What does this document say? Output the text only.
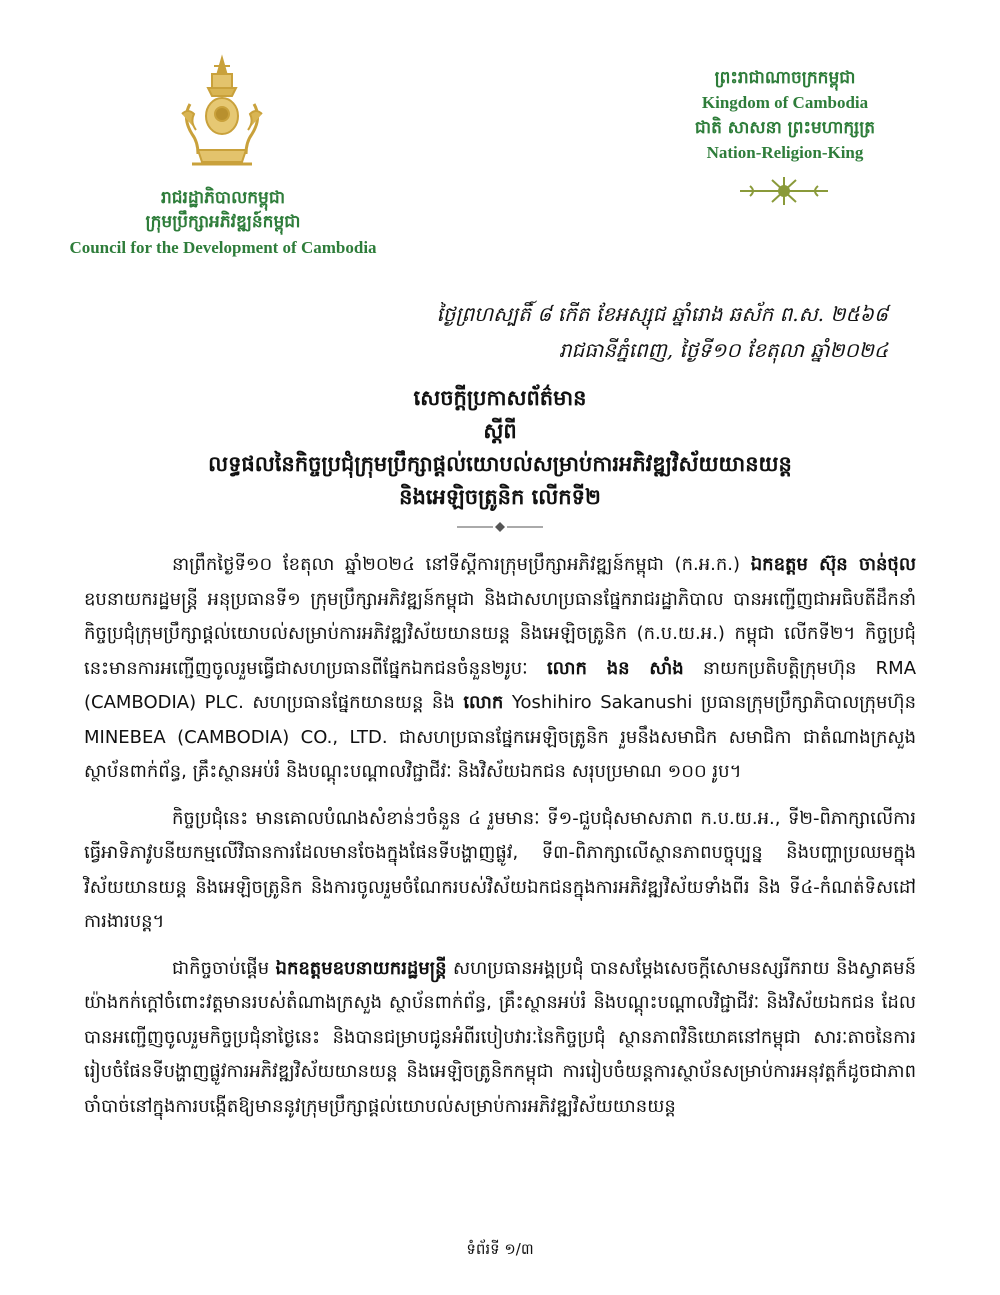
រាជរដ្ឋាភិបាលកម្ពុជា
ក្រុមប្រឹក្សាអភិវឌ្ឍន៍កម្ពុជា
Council for the Development of Cambodia
ព្រះរាជាណាចក្រកម្ពុជា
Kingdom of Cambodia
ជាតិ សាសនា ព្រះមហាក្សត្រ
Nation-Religion-King
ថ្ងៃព្រហស្បតិ៍ ៨ កើត ខែអស្សុជ ឆ្នាំរោង ឆស័ក ព.ស. ២៥៦៨
រាជធានីភ្នំពេញ, ថ្ងៃទី១០ ខែតុលា ឆ្នាំ២០២៤
សេចក្តីប្រកាសព័ត៌មាន
ស្តីពី
លទ្ធផលនៃកិច្ចប្រជុំក្រុមប្រឹក្សាផ្តល់យោបល់សម្រាប់ការអភិវឌ្ឍវិស័យយានយន្ត
និងអេឡិចត្រូនិក លើកទី២

នាព្រឹកថ្ងៃទី១០ ខែតុលា ឆ្នាំ២០២៤ នៅទីស្តីការក្រុមប្រឹក្សាអភិវឌ្ឍន៍កម្ពុជា (ក.អ.ក.) ឯកឧត្តម ស៊ុន ចាន់ថុល ឧបនាយករដ្ឋមន្ត្រី អនុប្រធានទី១ ក្រុមប្រឹក្សាអភិវឌ្ឍន៍កម្ពុជា និងជាសហប្រធានផ្នែករាជរដ្ឋាភិបាល បានអញ្ជើញជាអធិបតីដឹកនាំកិច្ចប្រជុំក្រុមប្រឹក្សាផ្តល់យោបល់សម្រាប់ការអភិវឌ្ឍវិស័យយានយន្ត និងអេឡិចត្រូនិក (ក.ប.យ.អ.) កម្ពុជា លើកទី២។ កិច្ចប្រជុំនេះមានការអញ្ជើញចូលរួមធ្វើជាសហប្រធានពីផ្នែកឯកជនចំនួន២រូបៈ លោក ងន សាំង នាយកប្រតិបត្តិក្រុមហ៊ុន RMA (CAMBODIA) PLC. សហប្រធានផ្នែកយានយន្ត និង លោក Yoshihiro Sakanushi ប្រធានក្រុមប្រឹក្សាភិបាលក្រុមហ៊ុន MINEBEA (CAMBODIA) CO., LTD. ជាសហប្រធានផ្នែកអេឡិចត្រូនិក រួមនឹងសមាជិក សមាជិកា ជាតំណាងក្រសួង ស្ថាប័នពាក់ព័ន្ធ, គ្រឹះស្ថានអប់រំ និងបណ្តុះបណ្តាលវិជ្ជាជីវៈ និងវិស័យឯកជន សរុបប្រមាណ ១០០ រូប។

កិច្ចប្រជុំនេះ មានគោលបំណងសំខាន់ៗចំនួន ៤ រួមមានៈ ទី១-ជួបជុំសមាសភាព ក.ប.យ.អ., ទី២-ពិភាក្សាលើការធ្វើអាទិភាវូបនីយកម្មលើវិធានការដែលមានចែងក្នុងផែនទីបង្ហាញផ្លូវ, ទី៣-ពិភាក្សាលើស្ថានភាពបច្ចុប្បន្ន និងបញ្ហាប្រឈមក្នុងវិស័យយានយន្ត និងអេឡិចត្រូនិក និងការចូលរួមចំណែករបស់វិស័យឯកជនក្នុងការអភិវឌ្ឍវិស័យទាំងពីរ និង ទី៤-កំណត់ទិសដៅការងារបន្ត។

ជាកិច្ចចាប់ផ្តើម ឯកឧត្តមឧបនាយករដ្ឋមន្ត្រី សហប្រធានអង្គប្រជុំ បានសម្តែងសេចក្តីសោមនស្សរីករាយ និងស្វាគមន៍យ៉ាងកក់ក្តៅចំពោះវត្តមានរបស់តំណាងក្រសួង ស្ថាប័នពាក់ព័ន្ធ, គ្រឹះស្ថានអប់រំ និងបណ្តុះបណ្តាលវិជ្ជាជីវៈ និងវិស័យឯកជន ដែលបានអញ្ជើញចូលរួមកិច្ចប្រជុំនាថ្ងៃនេះ និងបានជម្រាបជូនអំពីរបៀបវារៈនៃកិច្ចប្រជុំ ស្ថានភាពវិនិយោគនៅកម្ពុជា សារៈតាចនៃការរៀបចំផែនទីបង្ហាញផ្លូវការអភិវឌ្ឍវិស័យយានយន្ត និងអេឡិចត្រូនិកកម្ពុជា ការរៀបចំយន្តការស្ថាប័នសម្រាប់ការអនុវត្តក៏ដូចជាភាពចាំបាច់នៅក្នុងការបង្កើតឱ្យមាននូវក្រុមប្រឹក្សាផ្តល់យោបល់សម្រាប់ការអភិវឌ្ឍវិស័យយានយន្ត

ទំព័រទី ១/៣
